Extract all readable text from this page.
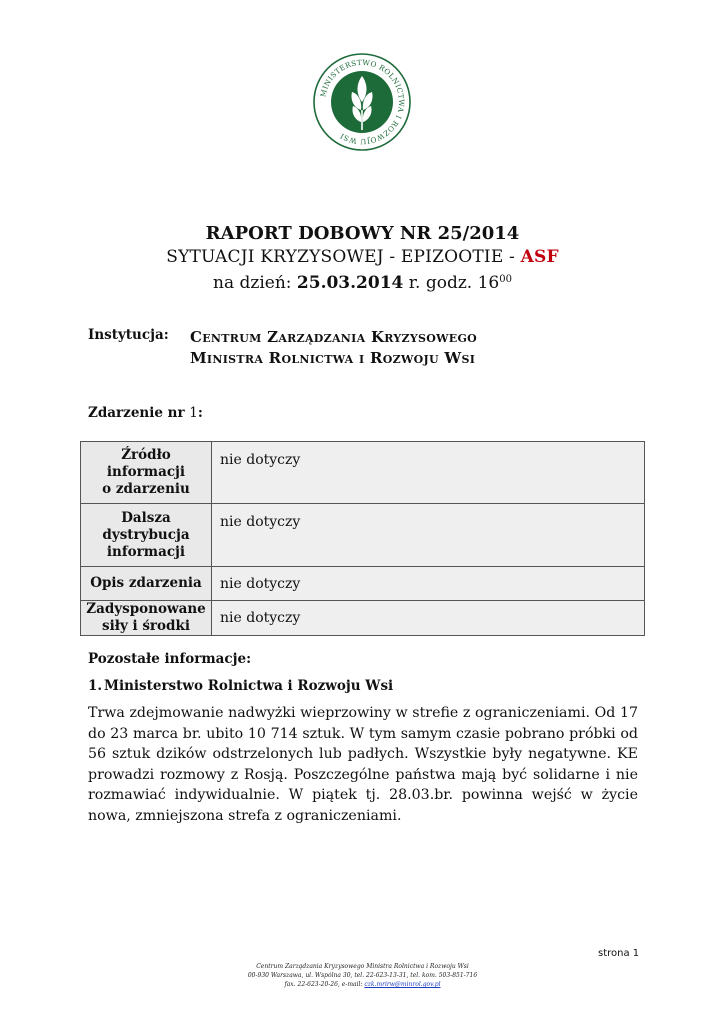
MINISTERSTWO ROLNICTWA I ROZWOJU WSI
RAPORT DOBOWY NR 25/2014
SYTUACJI KRYZYSOWEJ - EPIZOOTIE - ASF
na dzień: 25.03.2014 r. godz. $16^{00}$
Instytucja: Centrum Zarządzania Kryzysowego
Ministra Rolnictwa i Rozwoju Wsi
Zdarzenie nr 1:
Źródło
informacji
o zdarzeniu	nie dotyczy

Dalsza
dystrybucja
informacji	nie dotyczy

Opis zdarzenia	nie dotyczy

Zadysponowane
siły i środki	nie dotyczy
Pozostałe informacje:
1. Ministerstwo Rolnictwa i Rozwoju Wsi
Trwa zdejmowanie nadwyżki wieprzowiny w strefie z ograniczeniami. Od 17 do 23 marca br. ubito 10 714 sztuk. W tym samym czasie pobrano próbki od 56 sztuk dzików odstrzelonych lub padłych. Wszystkie były negatywne. KE prowadzi rozmowy z Rosją. Poszczególne państwa mają być solidarne i nie rozmawiać indywidualnie. W piątek tj. 28.03.br. powinna wejść w życie nowa, zmniejszona strefa z ograniczeniami.
strona 1
Centrum Zarządzania Kryzysowego Ministra Rolnictwa i Rozwoju Wsi
00-930 Warszawa, ul. Wspólna 30, tel. 22-623-13-31, tel. kom. 503-851-716
fax. 22-623-20-26, e-mail: czk.mrirw@minrol.gov.pl
